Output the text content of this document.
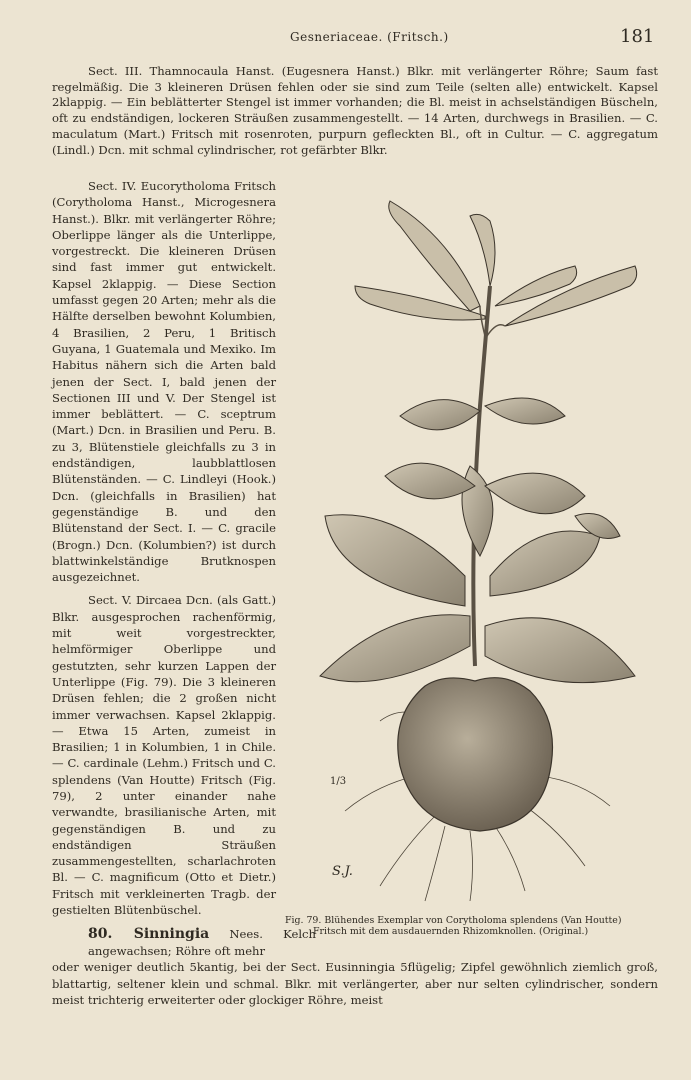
Gesneriaceae. (Fritsch.)	181

Sect. III. Thamnocaula Hanst. (Eugesnera Hanst.) Blkr. mit verlängerter Röhre; Saum fast regelmäßig. Die 3 kleineren Drüsen fehlen oder sie sind zum Teile (selten alle) entwickelt. Kapsel 2klappig. — Ein beblätterter Stengel ist immer vorhanden; die Bl. meist in achselständigen Büscheln, oft zu endständigen, lockeren Sträußen zusammengestellt. — 14 Arten, durchwegs in Brasilien. — C. maculatum (Mart.) Fritsch mit rosenroten, purpurn gefleckten Bl., oft in Cultur. — C. aggregatum (Lindl.) Dcn. mit schmal cylindrischer, rot gefärbter Blkr.

Sect. IV. Eucorytholoma Fritsch (Corytholoma Hanst., Microgesnera Hanst.). Blkr. mit verlängerter Röhre; Oberlippe länger als die Unterlippe, vorgestreckt. Die kleineren Drüsen sind fast immer gut entwickelt. Kapsel 2klappig. — Diese Section umfasst gegen 20 Arten; mehr als die Hälfte derselben bewohnt Kolumbien, 4 Brasilien, 2 Peru, 1 Britisch Guyana, 1 Guatemala und Mexiko. Im Habitus nähern sich die Arten bald jenen der Sect. I, bald jenen der Sectionen III und V. Der Stengel ist immer beblättert. — C. sceptrum (Mart.) Dcn. in Brasilien und Peru. B. zu 3, Blütenstiele gleichfalls zu 3 in endständigen, laubblattlosen Blütenständen. — C. Lindleyi (Hook.) Dcn. (gleichfalls in Brasilien) hat gegenständige B. und den Blütenstand der Sect. I. — C. gracile (Brogn.) Dcn. (Kolumbien?) ist durch blattwinkelständige Brutknospen ausgezeichnet.

Sect. V. Dircaea Dcn. (als Gatt.) Blkr. ausgesprochen rachenförmig, mit weit vorgestreckter, helmförmiger Oberlippe und gestutzten, sehr kurzen Lappen der Unterlippe (Fig. 79). Die 3 kleineren Drüsen fehlen; die 2 großen nicht immer verwachsen. Kapsel 2klappig. — Etwa 15 Arten, zumeist in Brasilien; 1 in Kolumbien, 1 in Chile. — C. cardinale (Lehm.) Fritsch und C. splendens (Van Houtte) Fritsch (Fig. 79), 2 unter einander nahe verwandte, brasilianische Arten, mit gegenständigen B. und zu endständigen Sträußen zusammengestellten, scharlachroten Bl. — C. magnificum (Otto et Dietr.) Fritsch mit verkleinerten Tragb. der gestielten Blütenbüschel.

1/3
S.J.
Fig. 79. Blühendes Exemplar von Corytholoma splendens (Van Houtte)
Fritsch mit dem ausdauernden Rhizomknollen. (Original.)
80. Sinningia Nees. Kelch angewachsen; Röhre oft mehr
oder weniger deutlich 5kantig, bei der Sect. Eusinningia 5flügelig; Zipfel gewöhnlich ziemlich groß, blattartig, seltener klein und schmal. Blkr. mit verlängerter, aber nur selten cylindrischer, sondern meist trichterig erweiterter oder glockiger Röhre, meist
